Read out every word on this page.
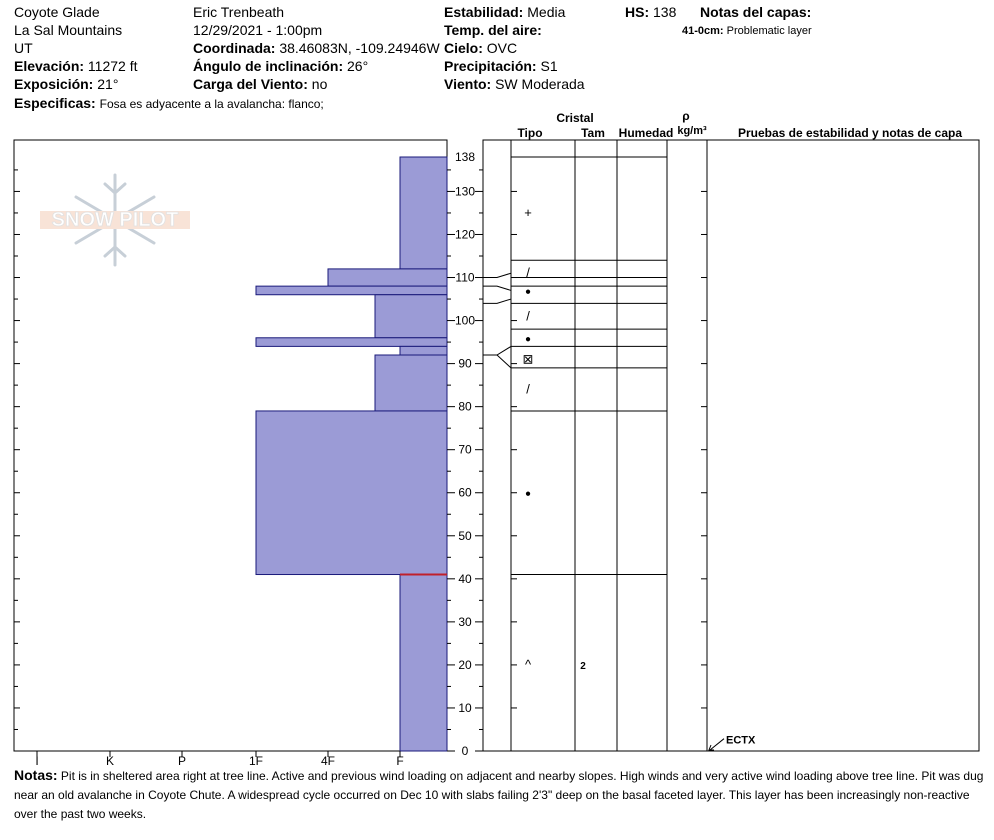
Coyote Glade
La Sal Mountains
UT
Elevación: 11272 ft
Exposición: 21°
Especificas: Fosa es adyacente a la avalancha: flanco;
Eric Trenbeath
12/29/2021 - 1:00pm
Coordinada: 38.46083N, -109.24946W
Ángulo de inclinación: 26°
Carga del Viento: no
Estabilidad: Media
Temp. del aire:
Cielo: OVC
Precipitación: S1
Viento: SW Moderada
HS: 138 Notas del capas:
41-0cm: Problematic layer
Cristal
Tipo	Tam Humedad
ρ
kg/m³	Pruebas de estabilidad y notas de capa
SNOW PILOT
0
10
20
30
40
50
60
70
80
90
100
110
120
130
138
+
/
●
/
●
⊠
/
●
^	2
ECTX
I	K	P	1F	4F	F
Notas: Pit is in sheltered area right at tree line. Active and previous wind loading on adjacent and nearby slopes. High winds and very active wind loading above tree line. Pit was dug near an old avalanche in Coyote Chute. A widespread cycle occurred on Dec 10 with slabs failing 2'3" deep on the basal faceted layer. This layer has been increasingly non-reactive over the past two weeks.
